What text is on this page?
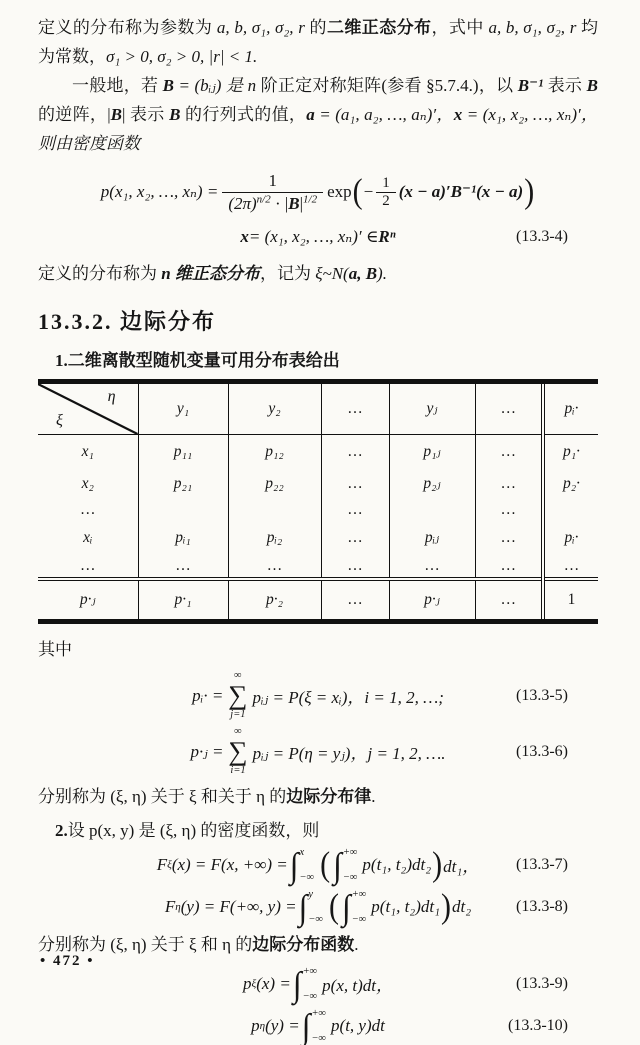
定义的分布称为参数为 a, b, σ₁, σ₂, r 的二维正态分布，式中 a, b, σ₁, σ₂, r 均为常数，σ₁ > 0, σ₂ > 0, |r| < 1.

一般地，若 B = (bᵢⱼ) 是 n 阶正定对称矩阵(参看 §5.7.4.)，以 B⁻¹ 表示 B 的逆阵，|B| 表示 B 的行列式的值，a = (a₁, a₂, …, aₙ)′，x = (x₁, x₂, …, xₙ)′，则由密度函数

p(x₁, x₂, …, $x_n) = \frac{1}{(2\pi)^{n/2} \cdot |B|^{1/2}}$ exp ( − $\frac{1}{2} (x - a)'B^{-1}(x - a)$ )
x = (x₁, x₂, …, xₙ)′ ∈ Rⁿ	(13.3-4)

定义的分布称为 n 维正态分布，记为 ξ~N(a, B).

13.3.2. 边际分布

1.二维离散型随机变量可用分布表给出

η
ξ	y₁	y₂	…	yⱼ	…	pᵢ·
x₁	p₁₁	p₁₂	…	p₁ⱼ	…	p₁·
x₂	p₂₁	p₂₂	…	p₂ⱼ	…	p₂·
…			…		…	
xᵢ	pᵢ₁	pᵢ₂	…	pᵢⱼ	…	pᵢ·
…	…	…	…	…	…	…
p·ⱼ	p·₁	p·₂	…	p·ⱼ	…	1

其中

pᵢ· =
∞
∑
j=1
pᵢⱼ = P(ξ = xᵢ)，i = 1, 2, …;	(13.3-5)
p·ⱼ =
∞
∑
i=1
pᵢⱼ = P(η = yⱼ)，j = 1, 2, ….	(13.3-6)

分别称为 (ξ, η) 关于 ξ 和关于 η 的边际分布律.

2.设 p(x, y) 是 (ξ, η) 的密度函数，则

F ξ (x) = F(x, +∞) = ∫ x
−∞ ( ∫ +∞
−∞
p(t₁, t₂)dt₂ ) dt₁， (13.3-7)
F η (y) = F(+∞, y) = ∫ y
−∞ ( ∫ +∞
−∞
p(t₁, t₂)dt₁ ) dt₂	(13.3-8)

分别称为 (ξ, η) 关于 ξ 和 η 的边际分布函数.

p ξ (x) = ∫ +∞
−∞
p(x, t)dt，	(13.3-9)
p η (y) = ∫ +∞
−∞
p(t, y)dt	(13.3-10)
• 472 •
